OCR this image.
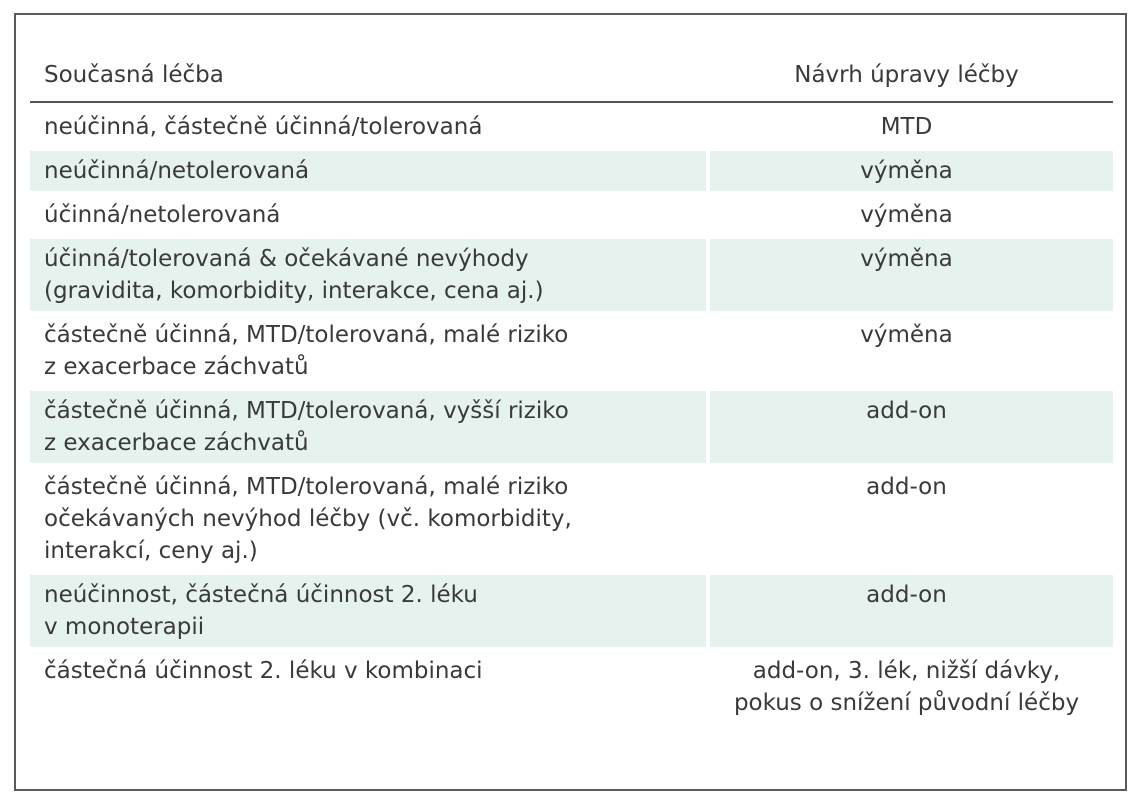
Současná léčba	Návrh úpravy léčby

neúčinná, částečně účinná/tolerovaná	MTD

neúčinná/netolerovaná	výměna

účinná/netolerovaná	výměna

účinná/tolerovaná & očekávané nevýhody
(gravidita, komorbidity, interakce, cena aj.)	výměna

částečně účinná, MTD/tolerovaná, malé riziko
z exacerbace záchvatů	výměna

částečně účinná, MTD/tolerovaná, vyšší riziko
z exacerbace záchvatů	add-on

částečně účinná, MTD/tolerovaná, malé riziko
očekávaných nevýhod léčby (vč. komorbidity,
interakcí, ceny aj.)	add-on

neúčinnost, částečná účinnost 2. léku
v monoterapii	add-on

částečná účinnost 2. léku v kombinaci	add-on, 3. lék, nižší dávky,
pokus o snížení původní léčby
